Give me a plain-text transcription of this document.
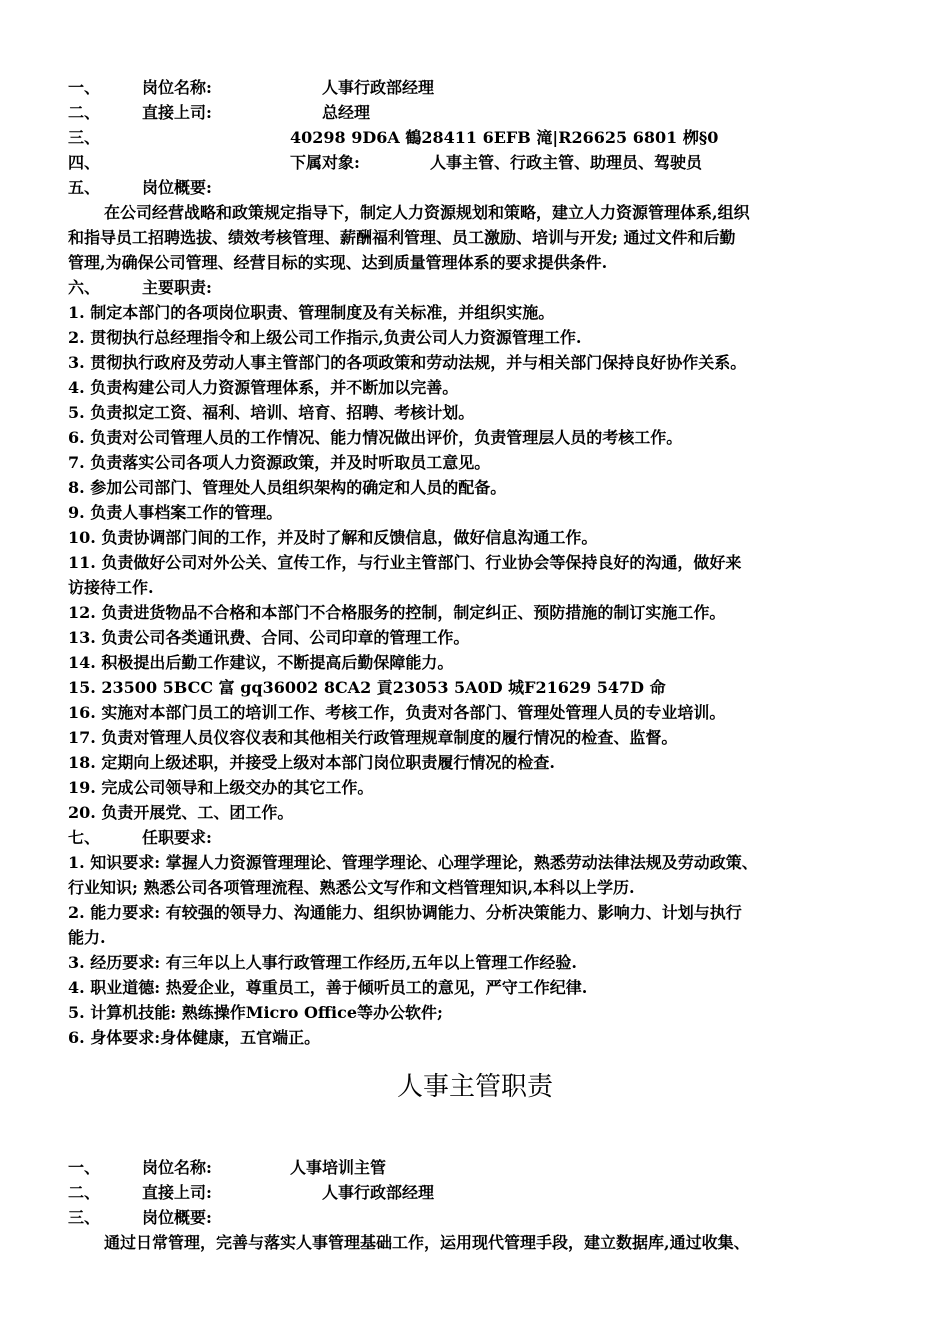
一、	岗位名称:	人事行政部经理
二、	直接上司:	总经理
三、	40298 9D6A 鶴28411 6EFB 滝|R26625 6801 栁§0
四、	下属对象:	人事主管、行政主管、助理员、驾驶员
五、	岗位概要:
在公司经营战略和政策规定指导下，制定人力资源规划和策略，建立人力资源管理体系,组织
和指导员工招聘选拔、绩效考核管理、薪酬福利管理、员工激励、培训与开发; 通过文件和后勤
管理,为确保公司管理、经营目标的实现、达到质量管理体系的要求提供条件.
六、	主要职责:
1. 制定本部门的各项岗位职责、管理制度及有关标准，并组织实施。
2. 贯彻执行总经理指令和上级公司工作指示,负责公司人力资源管理工作.
3. 贯彻执行政府及劳动人事主管部门的各项政策和劳动法规，并与相关部门保持良好协作关系。
4. 负责构建公司人力资源管理体系，并不断加以完善。
5. 负责拟定工资、福利、培训、培育、招聘、考核计划。
6. 负责对公司管理人员的工作情况、能力情况做出评价，负责管理层人员的考核工作。
7. 负责落实公司各项人力资源政策，并及时听取员工意见。
8. 参加公司部门、管理处人员组织架构的确定和人员的配备。
9. 负责人事档案工作的管理。
10. 负责协调部门间的工作，并及时了解和反馈信息，做好信息沟通工作。
11. 负责做好公司对外公关、宣传工作，与行业主管部门、行业协会等保持良好的沟通，做好来
访接待工作.
12. 负责进货物品不合格和本部门不合格服务的控制，制定纠正、预防措施的制订实施工作。
13. 负责公司各类通讯费、合同、公司印章的管理工作。
14. 积极提出后勤工作建议，不断提高后勤保障能力。
15. 23500 5BCC 富 gq36002 8CA2 貢23053 5A0D 城F21629 547D 命
16. 实施对本部门员工的培训工作、考核工作，负责对各部门、管理处管理人员的专业培训。
17. 负责对管理人员仪容仪表和其他相关行政管理规章制度的履行情况的检查、监督。
18. 定期向上级述职，并接受上级对本部门岗位职责履行情况的检查.
19. 完成公司领导和上级交办的其它工作。
20. 负责开展党、工、团工作。
七、	任职要求:
1. 知识要求: 掌握人力资源管理理论、管理学理论、心理学理论，熟悉劳动法律法规及劳动政策、
行业知识; 熟悉公司各项管理流程、熟悉公文写作和文档管理知识,本科以上学历.
2. 能力要求: 有较强的领导力、沟通能力、组织协调能力、分析决策能力、影响力、计划与执行
能力.
3. 经历要求: 有三年以上人事行政管理工作经历,五年以上管理工作经验.
4. 职业道德: 热爱企业，尊重员工，善于倾听员工的意见，严守工作纪律.
5. 计算机技能: 熟练操作Micro Office等办公软件;
6. 身体要求:身体健康，五官端正。
人事主管职责
一、	岗位名称:	人事培训主管
二、	直接上司:	人事行政部经理
三、	岗位概要:
通过日常管理，完善与落实人事管理基础工作，运用现代管理手段，建立数据库,通过收集、
